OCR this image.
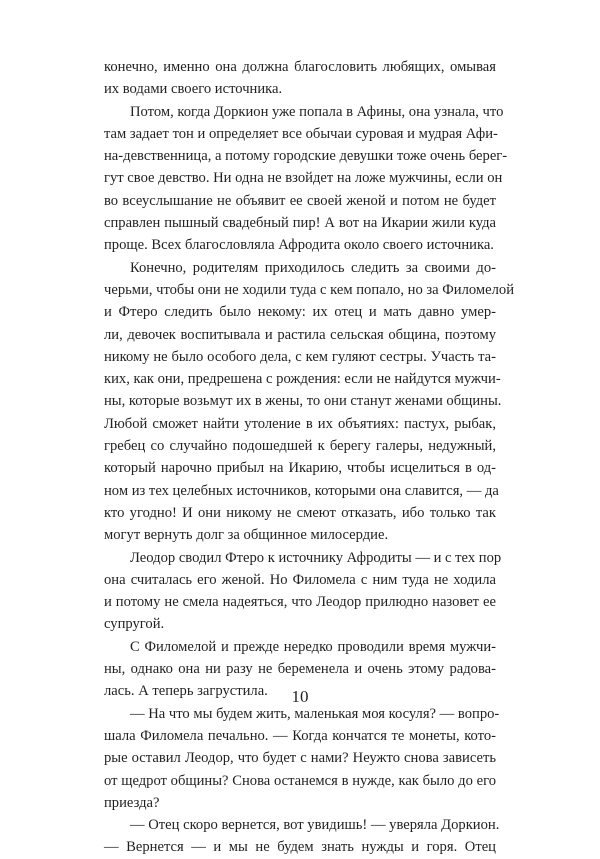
конечно, именно она должна благословить любящих, омывая
их водами своего источника.
Потом, когда Доркион уже попала в Афины, она узнала, что
там задает тон и определяет все обычаи суровая и мудрая Афи-
на-девственница, а потому городские девушки тоже очень берег-
гут свое девство. Ни одна не взойдет на ложе мужчины, если он
во всеуслышание не объявит ее своей женой и потом не будет
справлен пышный свадебный пир! А вот на Икарии жили куда
проще. Всех благословляла Афродита около своего источника.
Конечно, родителям приходилось следить за своими до-
черьми, чтобы они не ходили туда с кем попало, но за Филомелой
и Фтеро следить было некому: их отец и мать давно умер-
ли, девочек воспитывала и растила сельская община, поэтому
никому не было особого дела, с кем гуляют сестры. Участь та-
ких, как они, предрешена с рождения: если не найдутся мужчи-
ны, которые возьмут их в жены, то они станут женами общины.
Любой сможет найти утоление в их объятиях: пастух, рыбак,
гребец со случайно подошедшей к берегу галеры, недужный,
который нарочно прибыл на Икарию, чтобы исцелиться в од-
ном из тех целебных источников, которыми она славится, — да
кто угодно! И они никому не смеют отказать, ибо только так
могут вернуть долг за общинное милосердие.
Леодор сводил Фтеро к источнику Афродиты — и с тех пор
она считалась его женой. Но Филомела с ним туда не ходила
и потому не смела надеяться, что Леодор прилюдно назовет ее
супругой.
С Филомелой и прежде нередко проводили время мужчи-
ны, однако она ни разу не беременела и очень этому радова-
лась. А теперь загрустила.
— На что мы будем жить, маленькая моя косуля? — вопро-
шала Филомела печально. — Когда кончатся те монеты, кото-
рые оставил Леодор, что будет с нами? Неужто снова зависеть
от щедрот общины? Снова останемся в нужде, как было до его
приезда?
— Отец скоро вернется, вот увидишь! — уверяла Доркион.
— Вернется — и мы не будем знать нужды и горя. Отец
10
